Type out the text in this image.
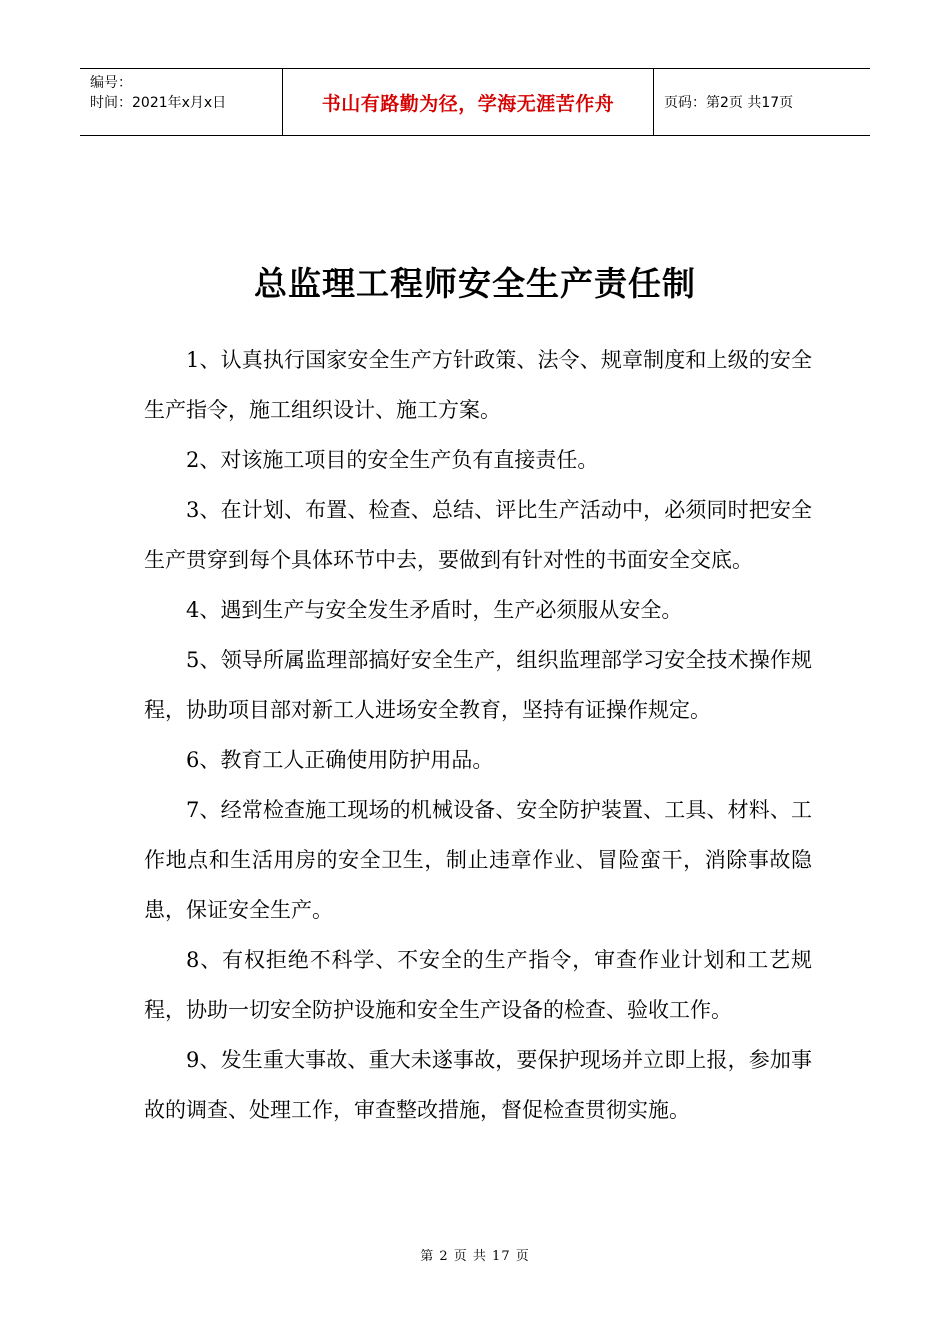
编号：
时间：2021年x月x日	书山有路勤为径，学海无涯苦作舟	页码：第2页 共17页
总监理工程师安全生产责任制

1、认真执行国家安全生产方针政策、法令、规章制度和上级的安全生产指令，施工组织设计、施工方案。

2、对该施工项目的安全生产负有直接责任。

3、在计划、布置、检查、总结、评比生产活动中，必须同时把安全生产贯穿到每个具体环节中去，要做到有针对性的书面安全交底。

4、遇到生产与安全发生矛盾时，生产必须服从安全。

5、领导所属监理部搞好安全生产，组织监理部学习安全技术操作规程，协助项目部对新工人进场安全教育，坚持有证操作规定。

6、教育工人正确使用防护用品。

7、经常检查施工现场的机械设备、安全防护装置、工具、材料、工作地点和生活用房的安全卫生，制止违章作业、冒险蛮干，消除事故隐患，保证安全生产。

8、有权拒绝不科学、不安全的生产指令，审查作业计划和工艺规程，协助一切安全防护设施和安全生产设备的检查、验收工作。

9、发生重大事故、重大未遂事故，要保护现场并立即上报，参加事故的调查、处理工作，审查整改措施，督促检查贯彻实施。

第 2 页 共 17 页
